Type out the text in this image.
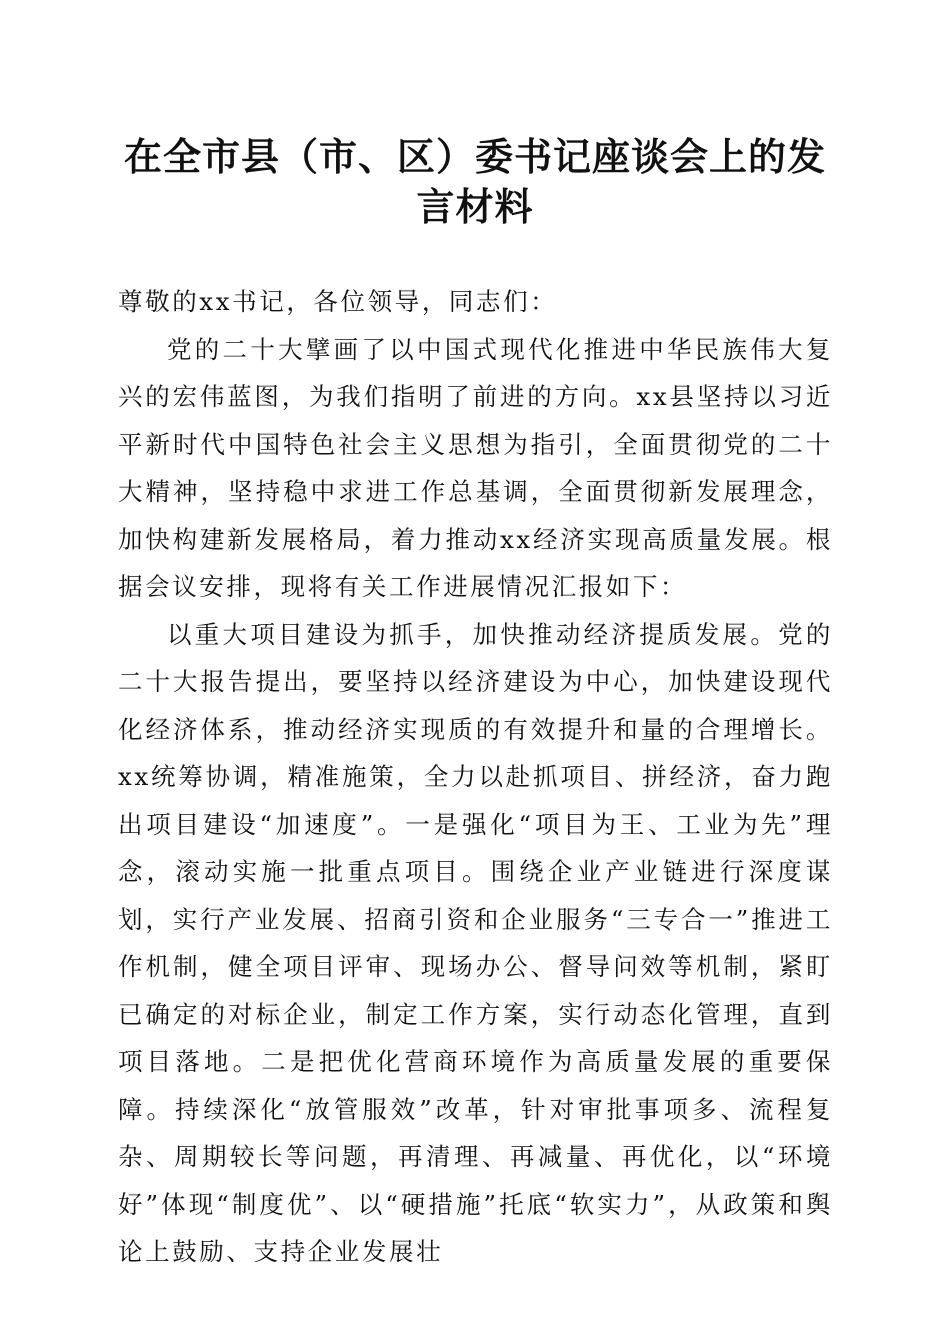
在全市县（市、区）委书记座谈会上的发言材料

尊敬的xx书记，各位领导，同志们：

党的二十大擘画了以中国式现代化推进中华民族伟大复兴的宏伟蓝图，为我们指明了前进的方向。xx县坚持以习近平新时代中国特色社会主义思想为指引，全面贯彻党的二十大精神，坚持稳中求进工作总基调，全面贯彻新发展理念，加快构建新发展格局，着力推动xx经济实现高质量发展。根据会议安排，现将有关工作进展情况汇报如下：

以重大项目建设为抓手，加快推动经济提质发展。党的二十大报告提出，要坚持以经济建设为中心，加快建设现代化经济体系，推动经济实现质的有效提升和量的合理增长。xx统筹协调，精准施策，全力以赴抓项目、拼经济，奋力跑出项目建设“加速度”。一是强化“项目为王、工业为先”理念，滚动实施一批重点项目。围绕企业产业链进行深度谋划，实行产业发展、招商引资和企业服务“三专合一”推进工作机制，健全项目评审、现场办公、督导问效等机制，紧盯已确定的对标企业，制定工作方案，实行动态化管理，直到项目落地。二是把优化营商环境作为高质量发展的重要保障。持续深化“放管服效”改革，针对审批事项多、流程复杂、周期较长等问题，再清理、再减量、再优化，以“环境好”体现“制度优”、以“硬措施”托底“软实力”，从政策和舆论上鼓励、支持企业发展壮
